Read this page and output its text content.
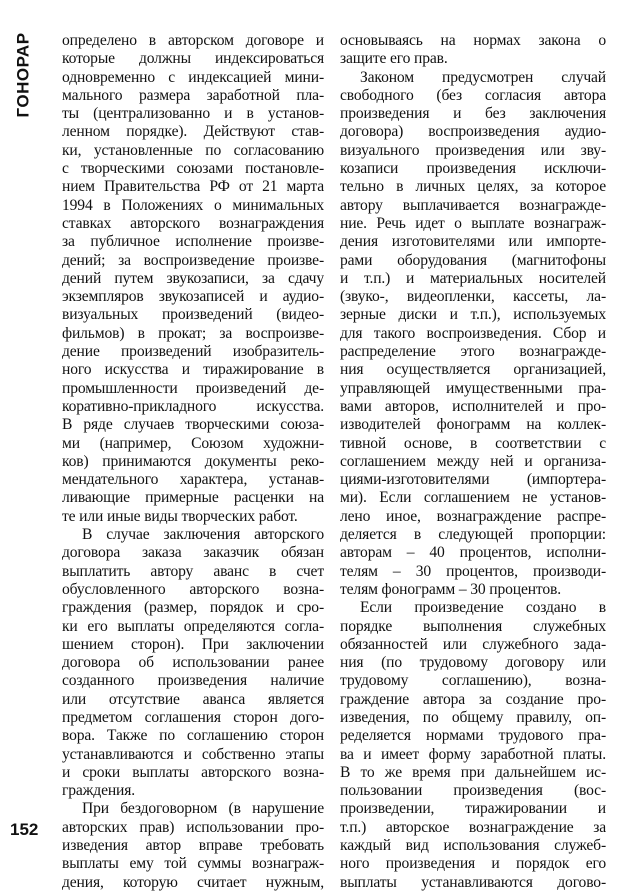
ГОНОРАР определено в авторском договоре и
которые должны индексироваться
одновременно с индексацией мини-
мального размера заработной пла-
ты (централизованно и в установ-
ленном порядке). Действуют став-
ки, установленные по согласованию
с творческими союзами постановле-
нием Правительства РФ от 21 марта
1994 в Положениях о минимальных
ставках авторского вознаграждения
за публичное исполнение произве-
дений; за воспроизведение произве-
дений путем звукозаписи, за сдачу
экземпляров звукозаписей и аудио-
визуальных произведений (видео-
фильмов) в прокат; за воспроизве-
дение произведений изобразитель-
ного искусства и тиражирование в
промышленности произведений де-
коративно-прикладного искусства.
В ряде случаев творческими союза-
ми (например, Союзом художни-
ков) принимаются документы реко-
мендательного характера, устанав-
ливающие примерные расценки на
те или иные виды творческих работ.
В случае заключения авторского
договора заказа заказчик обязан
выплатить автору аванс в счет
обусловленного авторского возна-
граждения (размер, порядок и сро-
ки его выплаты определяются согла-
шением сторон). При заключении
договора об использовании ранее
созданного произведения наличие
или отсутствие аванса является
предметом соглашения сторон дого-
вора. Также по соглашению сторон
устанавливаются и собственно этапы
и сроки выплаты авторского возна-
граждения.
При бездоговорном (в нарушение
авторских прав) использовании про-
изведения автор вправе требовать
выплаты ему той суммы вознаграж-
дения, которую считает нужным,
основываясь на нормах закона о
защите его прав.
Законом предусмотрен случай
свободного (без согласия автора
произведения и без заключения
договора) воспроизведения аудио-
визуального произведения или зву-
козаписи произведения исключи-
тельно в личных целях, за которое
автору выплачивается вознагражде-
ние. Речь идет о выплате вознаграж-
дения изготовителями или импорте-
рами оборудования (магнитофоны
и т.п.) и материальных носителей
(звуко-, видеопленки, кассеты, ла-
зерные диски и т.п.), используемых
для такого воспроизведения. Сбор и
распределение этого вознагражде-
ния осуществляется организацией,
управляющей имущественными пра-
вами авторов, исполнителей и про-
изводителей фонограмм на коллек-
тивной основе, в соответствии с
соглашением между ней и организа-
циями-изготовителями (импортера-
ми). Если соглашением не установ-
лено иное, вознаграждение распре-
деляется в следующей пропорции:
авторам – 40 процентов, исполни-
телям – 30 процентов, производи-
телям фонограмм – 30 процентов.
Если произведение создано в
порядке выполнения служебных
обязанностей или служебного зада-
ния (по трудовому договору или
трудовому соглашению), возна-
граждение автора за создание про-
изведения, по общему правилу, оп-
ределяется нормами трудового пра-
ва и имеет форму заработной платы.
В то же время при дальнейшем ис-
пользовании произведения (вос-
произведении, тиражировании и
т.п.) авторское вознаграждение за
каждый вид использования служеб-
ного произведения и порядок его
выплаты устанавливаются догово-
152
